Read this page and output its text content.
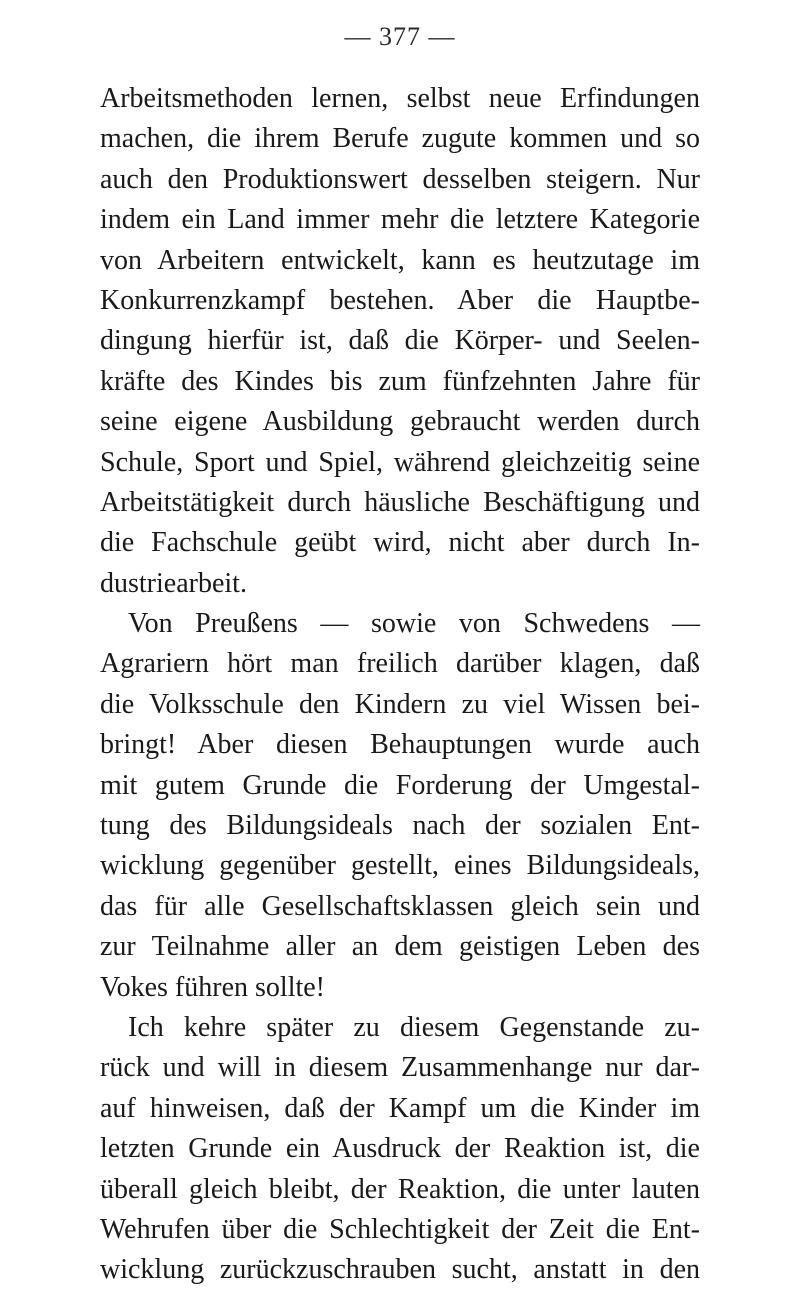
— 377 —
Arbeitsmethoden lernen, selbst neue Erfindungen
machen, die ihrem Berufe zugute kommen und so
auch den Produktionswert desselben steigern. Nur
indem ein Land immer mehr die letztere Kategorie
von Arbeitern entwickelt, kann es heutzutage im
Konkurrenzkampf bestehen. Aber die Hauptbe-
dingung hierfür ist, daß die Körper- und Seelen-
kräfte des Kindes bis zum fünfzehnten Jahre für
seine eigene Ausbildung gebraucht werden durch
Schule, Sport und Spiel, während gleichzeitig seine
Arbeitstätigkeit durch häusliche Beschäftigung und
die Fachschule geübt wird, nicht aber durch In-
dustriearbeit.
Von Preußens — sowie von Schwedens —
Agrariern hört man freilich darüber klagen, daß
die Volksschule den Kindern zu viel Wissen bei-
bringt! Aber diesen Behauptungen wurde auch
mit gutem Grunde die Forderung der Umgestal-
tung des Bildungsideals nach der sozialen Ent-
wicklung gegenüber gestellt, eines Bildungsideals,
das für alle Gesellschaftsklassen gleich sein und
zur Teilnahme aller an dem geistigen Leben des
Vokes führen sollte!
Ich kehre später zu diesem Gegenstande zu-
rück und will in diesem Zusammenhange nur dar-
auf hinweisen, daß der Kampf um die Kinder im
letzten Grunde ein Ausdruck der Reaktion ist, die
überall gleich bleibt, der Reaktion, die unter lauten
Wehrufen über die Schlechtigkeit der Zeit die Ent-
wicklung zurückzuschrauben sucht, anstatt in den
